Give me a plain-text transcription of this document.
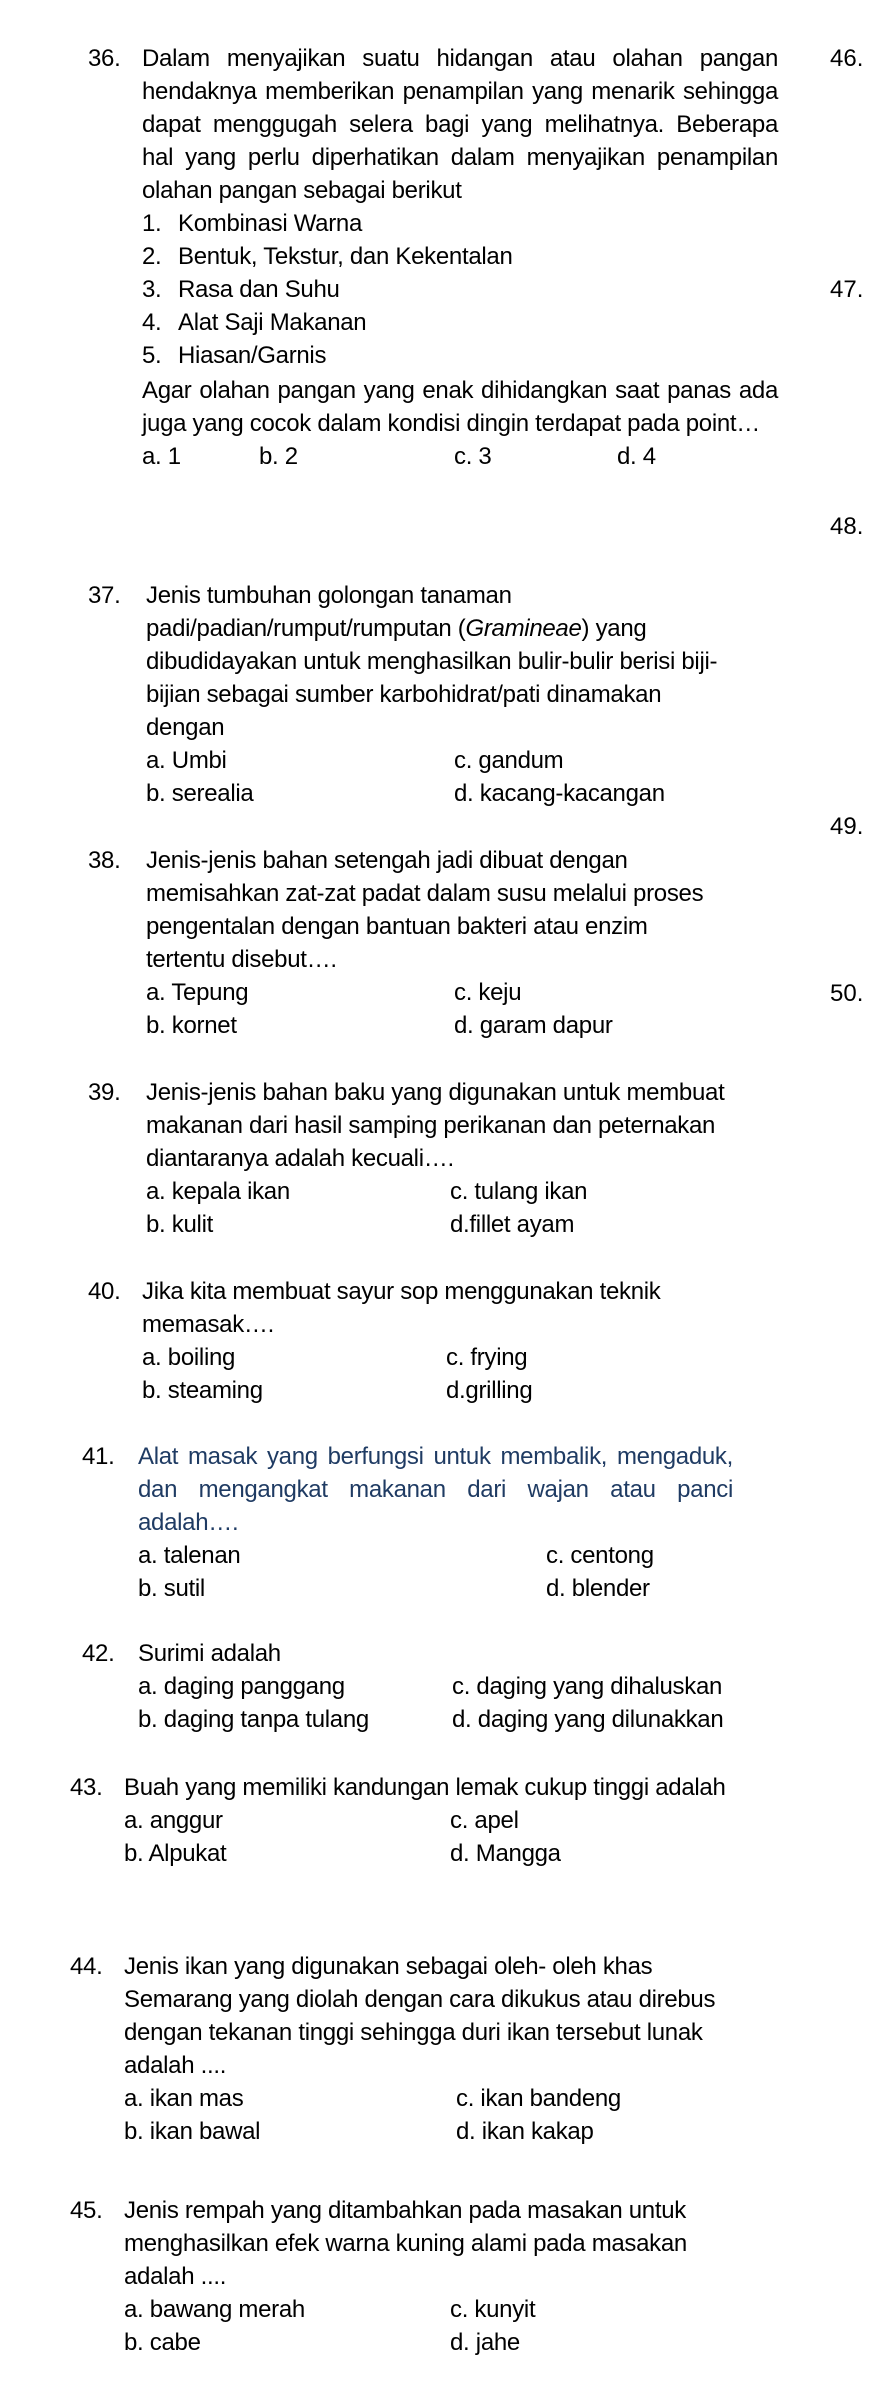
36. Dalam menyajikan suatu hidangan atau olahan pangan hendaknya memberikan penampilan yang menarik sehingga dapat menggugah selera bagi yang melihatnya. Beberapa hal yang perlu diperhatikan dalam menyajikan penampilan olahan pangan sebagai berikut

1. Kombinasi Warna
2. Bentuk, Tekstur, dan Kekentalan
3. Rasa dan Suhu
4. Alat Saji Makanan
5. Hiasan/Garnis

Agar olahan pangan yang enak dihidangkan saat panas ada juga yang cocok dalam kondisi dingin terdapat pada point…

a. 1	b. 2	c. 3	d. 4
37. Jenis tumbuhan golongan tanaman padi/padian/rumput/rumputan (Gramineae) yang dibudidayakan untuk menghasilkan bulir-bulir berisi biji-bijian sebagai sumber karbohidrat/pati dinamakan dengan

a. Umbi	c. gandum
b. serealia	d. kacang-kacangan
38. Jenis-jenis bahan setengah jadi dibuat dengan memisahkan zat-zat padat dalam susu melalui proses pengentalan dengan bantuan bakteri atau enzim tertentu disebut….

a. Tepung	c. keju
b. kornet	d. garam dapur
39. Jenis-jenis bahan baku yang digunakan untuk membuat makanan dari hasil samping perikanan dan peternakan diantaranya adalah kecuali….

a. kepala ikan	c. tulang ikan
b. kulit	d.fillet ayam
40. Jika kita membuat sayur sop menggunakan teknik memasak….

a. boiling	c. frying
b. steaming	d.grilling
41. Alat masak yang berfungsi untuk membalik, mengaduk, dan mengangkat makanan dari wajan atau panci adalah….

a. talenan	c. centong
b. sutil	d. blender
42. Surimi adalah

a. daging panggang	c. daging yang dihaluskan
b. daging tanpa tulang	d. daging yang dilunakkan
43. Buah yang memiliki kandungan lemak cukup tinggi adalah

a. anggur	c. apel
b. Alpukat	d. Mangga
44. Jenis ikan yang digunakan sebagai oleh- oleh khas Semarang yang diolah dengan cara dikukus atau direbus dengan tekanan tinggi sehingga duri ikan tersebut lunak adalah ....

a. ikan mas	c. ikan bandeng
b. ikan bawal	d. ikan kakap
45. Jenis rempah yang ditambahkan pada masakan untuk menghasilkan efek warna kuning alami pada masakan adalah ....

a. bawang merah	c. kunyit
b. cabe	d. jahe
46.
47.
48.
49.
50.
